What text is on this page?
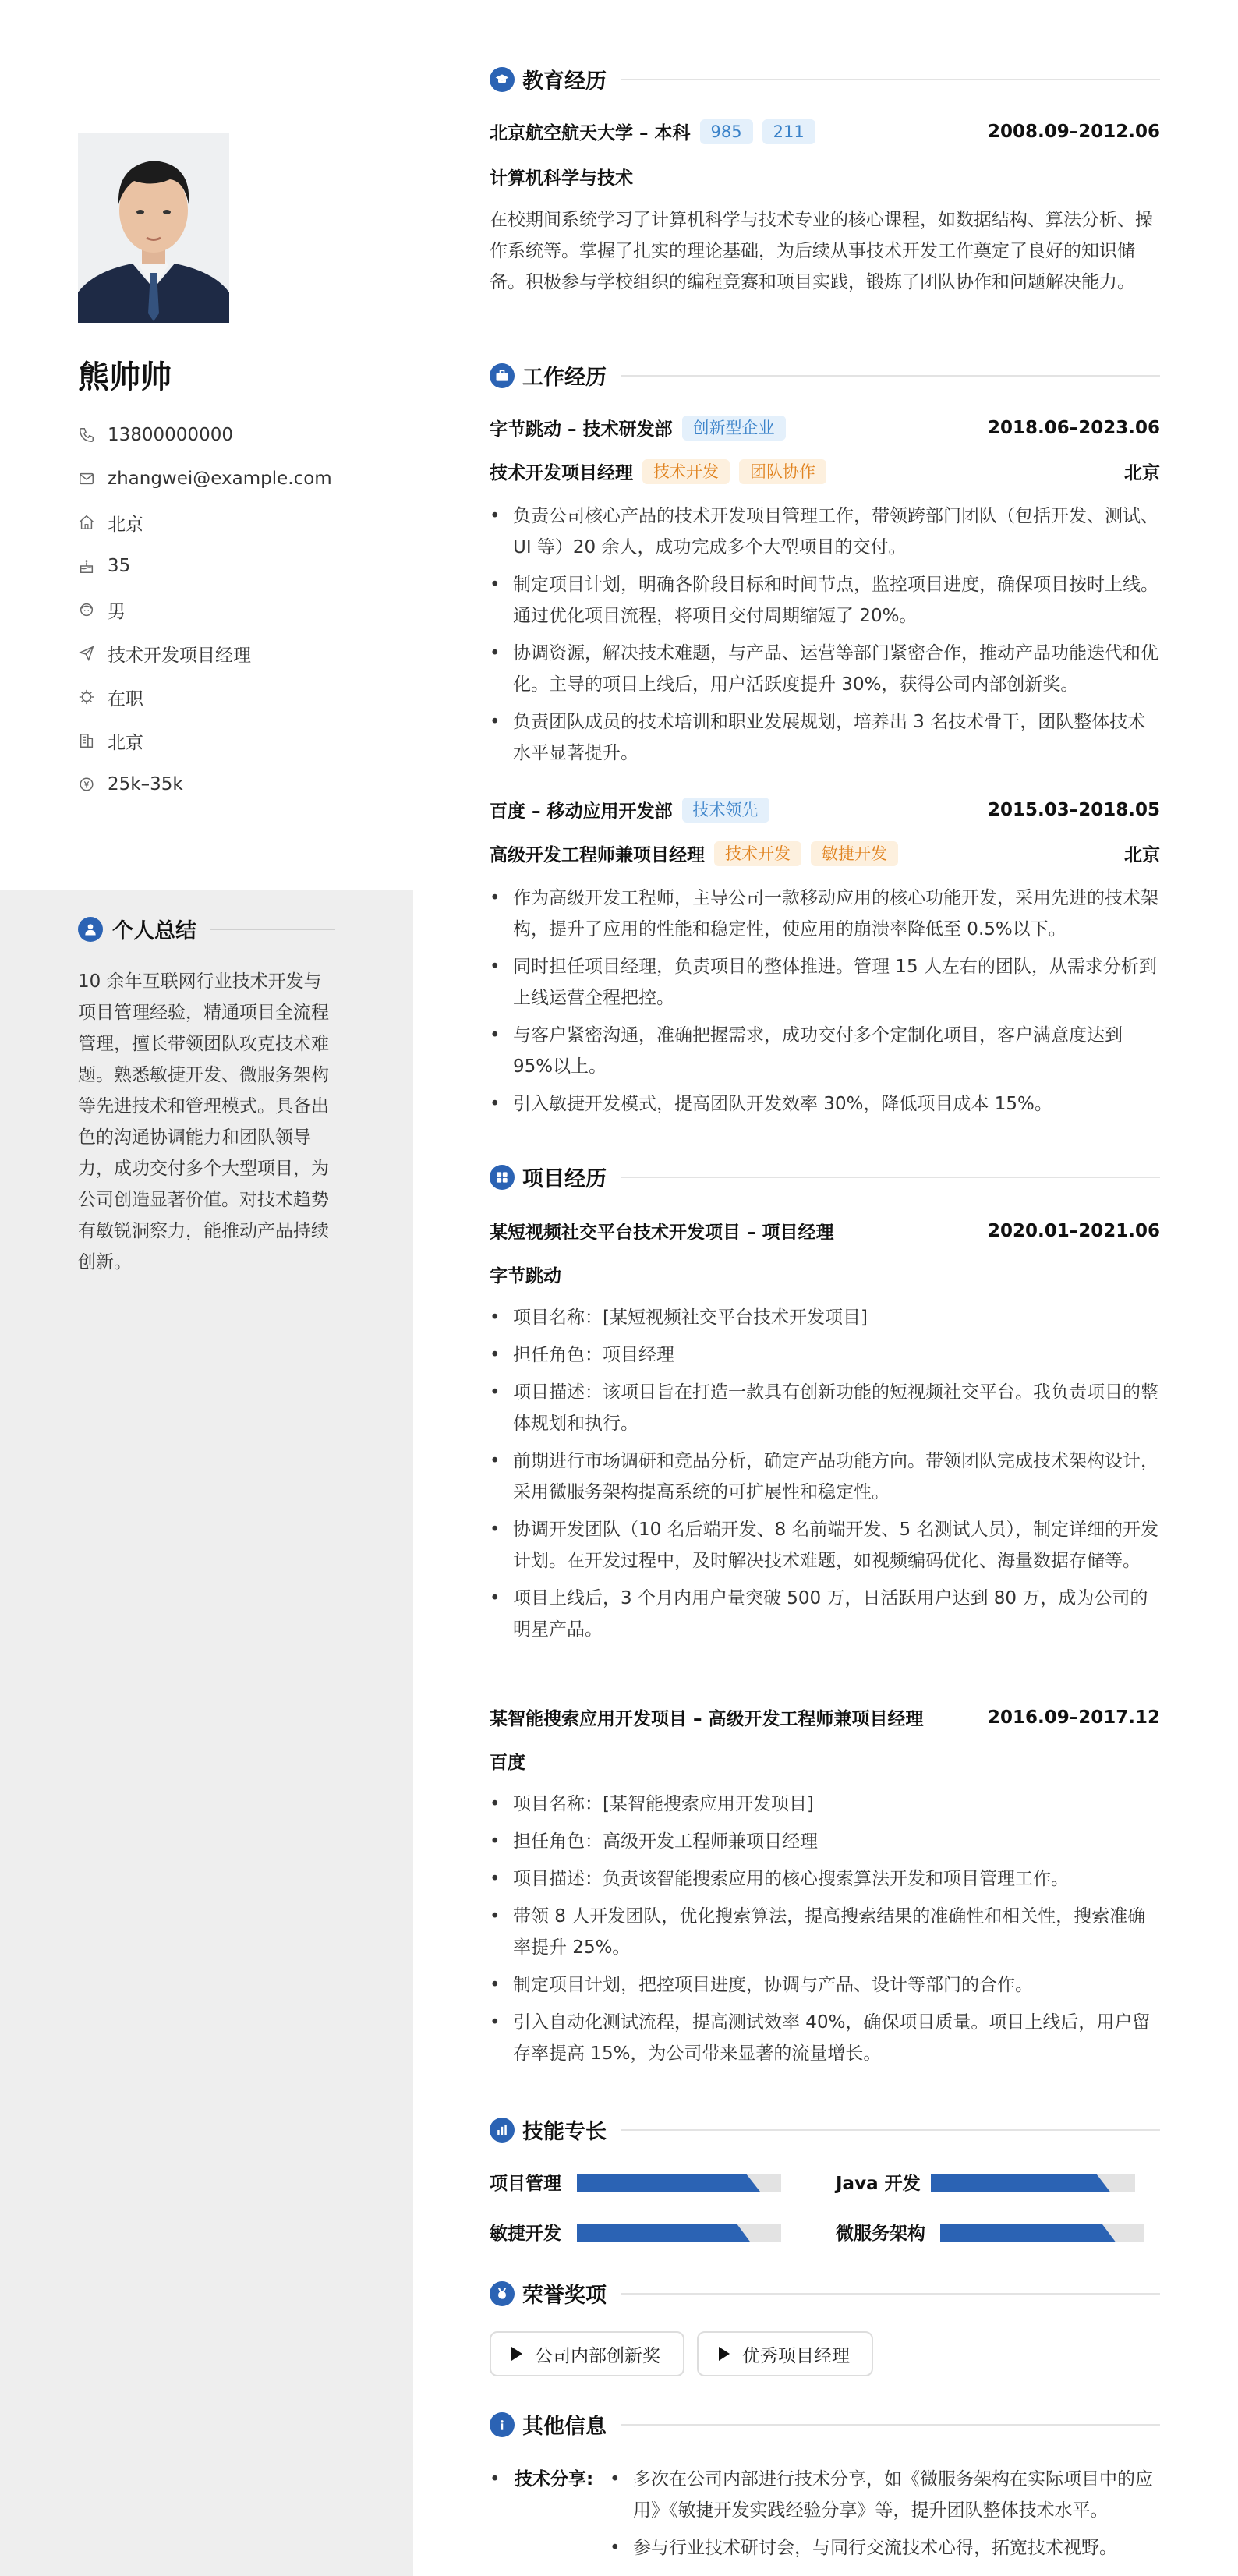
熊帅帅
13800000000
zhangwei@example.com
北京
35
男
技术开发项目经理
在职
北京
25k–35k
个人总结
10 余年互联网行业技术开发与项目管理经验，精通项目全流程管理，擅长带领团队攻克技术难题。熟悉敏捷开发、微服务架构等先进技术和管理模式。具备出色的沟通协调能力和团队领导力，成功交付多个大型项目，为公司创造显著价值。对技术趋势有敏锐洞察力，能推动产品持续创新。
教育经历
北京航空航天大学 – 本科	985	211	2008.09–2012.06
计算机科学与技术
在校期间系统学习了计算机科学与技术专业的核心课程，如数据结构、算法分析、操作系统等。掌握了扎实的理论基础，为后续从事技术开发工作奠定了良好的知识储备。积极参与学校组织的编程竞赛和项目实践，锻炼了团队协作和问题解决能力。
工作经历
字节跳动 – 技术研发部	创新型企业	2018.06–2023.06
技术开发项目经理	技术开发	团队协作	北京
• 负责公司核心产品的技术开发项目管理工作，带领跨部门团队（包括开发、测试、UI 等）20 余人，成功完成多个大型项目的交付。
• 制定项目计划，明确各阶段目标和时间节点，监控项目进度，确保项目按时上线。通过优化项目流程，将项目交付周期缩短了 20%。
• 协调资源，解决技术难题，与产品、运营等部门紧密合作，推动产品功能迭代和优化。主导的项目上线后，用户活跃度提升 30%，获得公司内部创新奖。
• 负责团队成员的技术培训和职业发展规划，培养出 3 名技术骨干，团队整体技术水平显著提升。
百度 – 移动应用开发部	技术领先	2015.03–2018.05
高级开发工程师兼项目经理	技术开发	敏捷开发	北京
• 作为高级开发工程师，主导公司一款移动应用的核心功能开发，采用先进的技术架构，提升了应用的性能和稳定性，使应用的崩溃率降低至 0.5%以下。
• 同时担任项目经理，负责项目的整体推进。管理 15 人左右的团队，从需求分析到上线运营全程把控。
• 与客户紧密沟通，准确把握需求，成功交付多个定制化项目，客户满意度达到 95%以上。
• 引入敏捷开发模式，提高团队开发效率 30%，降低项目成本 15%。
项目经历
某短视频社交平台技术开发项目 – 项目经理	2020.01–2021.06
字节跳动
• 项目名称：[某短视频社交平台技术开发项目]
• 担任角色：项目经理
• 项目描述：该项目旨在打造一款具有创新功能的短视频社交平台。我负责项目的整体规划和执行。
• 前期进行市场调研和竞品分析，确定产品功能方向。带领团队完成技术架构设计，采用微服务架构提高系统的可扩展性和稳定性。
• 协调开发团队（10 名后端开发、8 名前端开发、5 名测试人员），制定详细的开发计划。在开发过程中，及时解决技术难题，如视频编码优化、海量数据存储等。
• 项目上线后，3 个月内用户量突破 500 万，日活跃用户达到 80 万，成为公司的明星产品。
某智能搜索应用开发项目 – 高级开发工程师兼项目经理	2016.09–2017.12
百度
• 项目名称：[某智能搜索应用开发项目]
• 担任角色：高级开发工程师兼项目经理
• 项目描述：负责该智能搜索应用的核心搜索算法开发和项目管理工作。
• 带领 8 人开发团队，优化搜索算法，提高搜索结果的准确性和相关性，搜索准确率提升 25%。
• 制定项目计划，把控项目进度，协调与产品、设计等部门的合作。
• 引入自动化测试流程，提高测试效率 40%，确保项目质量。项目上线后，用户留存率提高 15%，为公司带来显著的流量增长。
技能专长
项目管理	Java 开发
敏捷开发	微服务架构
荣誉奖项
公司内部创新奖	优秀项目经理
其他信息
• 技术分享: • 多次在公司内部进行技术分享，如《微服务架构在实际项目中的应用》《敏捷开发实践经验分享》等，提升团队整体技术水平。
• 参与行业技术研讨会，与同行交流技术心得，拓宽技术视野。
